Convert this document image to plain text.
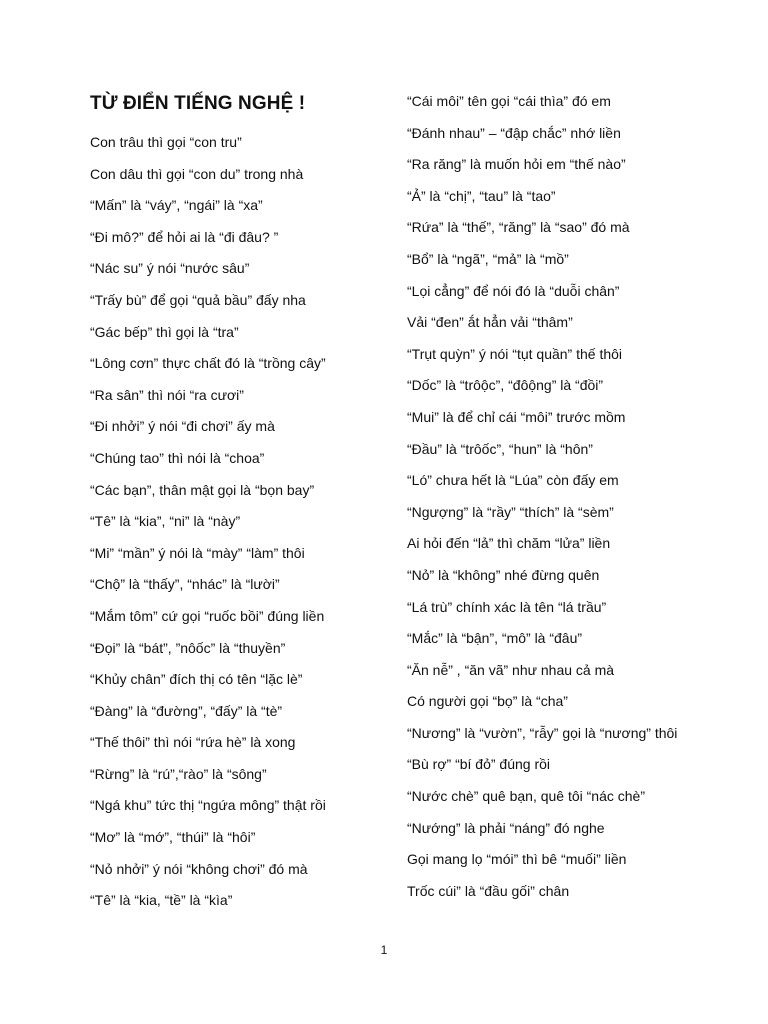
TỪ ĐIỂN TIẾNG NGHỆ !
Con trâu thì gọi “con tru”
Con dâu thì gọi “con du” trong nhà
“Mấn” là “váy”, “ngái” là “xa”
“Đi mô?” để hỏi ai là “đi đâu? ”
“Nác su” ý nói “nước sâu”
“Trấy bù” để gọi “quả bầu” đấy nha
“Gác bếp” thì gọi là “tra”
“Lông cơn” thực chất đó là “trồng cây”
“Ra sân” thì nói “ra cươi”
“Đi nhởi” ý nói “đi chơi” ấy mà
“Chúng tao” thì nói là “choa”
“Các bạn”, thân mật gọi là “bọn bay”
“Tê” là “kia”, “ni” là “này”
“Mi” “mần” ý nói là “mày” “làm” thôi
“Chộ” là “thấy”, “nhác” là “lười”
“Mắm tôm” cứ gọi “ruốc bồi” đúng liền
“Đọi” là “bát”, ”nôốc” là “thuyền”
“Khủy chân” đích thị có tên “lặc lè”
“Đàng” là “đường”, “đấy” là “tè”
“Thế thôi” thì nói “rứa hè” là xong
“Rừng” là “rú”,“rào” là “sông”
“Ngá khu” tức thị “ngứa mông” thật rồi
“Mơ” là “mớ”, “thúi” là “hôi”
“Nỏ nhởi” ý nói “không chơi” đó mà
“Tê” là “kia, “tề” là “kìa”
“Cái môi” tên gọi “cái thìa” đó em
“Đánh nhau” – “đập chắc” nhớ liền
“Ra răng” là muốn hỏi em “thế nào”
“Ả” là “chị”, “tau” là “tao”
“Rứa” là “thế”, “răng” là “sao” đó mà
“Bổ” là “ngã”, “mả” là “mồ”
“Lọi cẳng” để nói đó là “duỗi chân”
Vải “đen” ắt hẳn vải “thâm”
“Trụt quỳn” ý nói “tụt quần” thế thôi
“Dốc” là “trôộc”, “đôộng” là “đồi”
“Mui” là để chỉ cái “môi” trước mồm
“Đầu” là “trôốc”, “hun” là “hôn”
“Ló” chưa hết là “Lúa” còn đấy em
“Ngượng” là “rầy” “thích” là “sèm”
Ai hỏi đến “lả” thì chăm “lửa” liền
“Nỏ” là “không” nhé đừng quên
“Lá trù” chính xác là tên “lá trầu”
“Mắc” là “bận”, “mô” là “đâu”
“Ăn nễ” , “ăn vã” như nhau cả mà
Có người gọi “bọ” là “cha”
“Nương” là “vườn”, “rẫy” gọi là “nương” thôi
“Bù rợ” “bí đỏ” đúng rồi
“Nước chè” quê bạn, quê tôi “nác chè”
“Nướng” là phải “náng” đó nghe
Gọi mang lọ “mói” thì bê “muối” liền
Trốc cúi” là “đầu gối” chân
1
